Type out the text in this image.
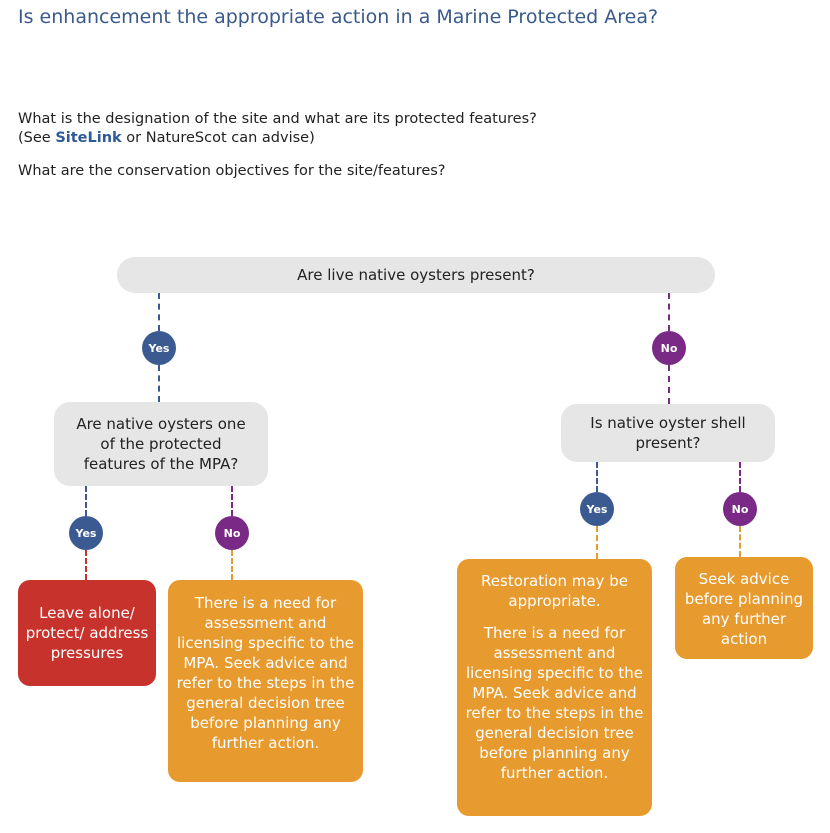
Is enhancement the appropriate action in a Marine Protected Area?
What is the designation of the site and what are its protected features?
(See SiteLink or NatureScot can advise)
What are the conservation objectives for the site/features?
Are live native oysters present?
Are native oysters one of the protected features of the MPA?
Is native oyster shell present?
Yes	No
Yes	No
Yes	No
Leave alone/ protect/ address pressures
There is a need for assessment and licensing specific to the MPA. Seek advice and refer to the steps in the general decision tree before planning any further action.
Restoration may be appropriate.
There is a need for assessment and licensing specific to the MPA. Seek advice and refer to the steps in the general decision tree before planning any further action.
Seek advice before planning any further action
